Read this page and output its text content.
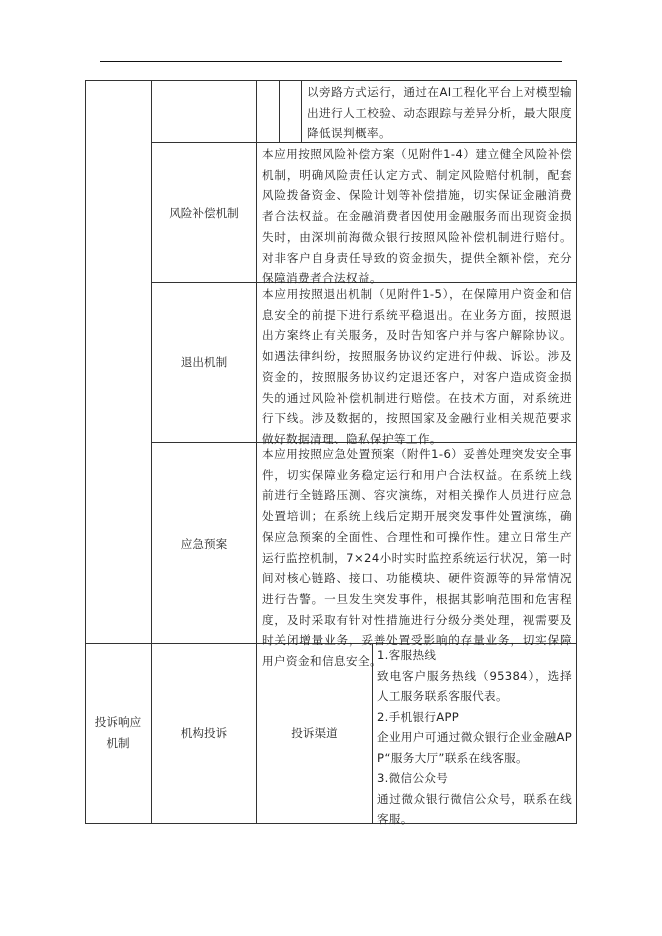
以旁路方式运行，通过在AI工程化平台上对模型输出进行人工校验、动态跟踪与差异分析，最大限度降低误判概率。
风险补偿机制
本应用按照风险补偿方案（见附件1-4）建立健全风险补偿机制，明确风险责任认定方式、制定风险赔付机制，配套风险拨备资金、保险计划等补偿措施，切实保证金融消费者合法权益。在金融消费者因使用金融服务而出现资金损失时，由深圳前海微众银行按照风险补偿机制进行赔付。对非客户自身责任导致的资金损失，提供全额补偿，充分保障消费者合法权益。
退出机制
本应用按照退出机制（见附件1-5），在保障用户资金和信息安全的前提下进行系统平稳退出。在业务方面，按照退出方案终止有关服务，及时告知客户并与客户解除协议。如遇法律纠纷，按照服务协议约定进行仲裁、诉讼。涉及资金的，按照服务协议约定退还客户，对客户造成资金损失的通过风险补偿机制进行赔偿。在技术方面，对系统进行下线。涉及数据的，按照国家及金融行业相关规范要求做好数据清理、隐私保护等工作。
应急预案
本应用按照应急处置预案（附件1-6）妥善处理突发安全事件，切实保障业务稳定运行和用户合法权益。在系统上线前进行全链路压测、容灾演练，对相关操作人员进行应急处置培训；在系统上线后定期开展突发事件处置演练，确保应急预案的全面性、合理性和可操作性。建立日常生产运行监控机制，7×24小时实时监控系统运行状况，第一时间对核心链路、接口、功能模块、硬件资源等的异常情况进行告警。一旦发生突发事件，根据其影响范围和危害程度，及时采取有针对性措施进行分级分类处理，视需要及时关闭增量业务，妥善处置受影响的存量业务，切实保障用户资金和信息安全。
投诉响应机制
机构投诉	投诉渠道
1.客服热线
致电客户服务热线（95384），选择人工服务联系客服代表。
2.手机银行APP
企业用户可通过微众银行企业金融APP“服务大厅”联系在线客服。
3.微信公众号
通过微众银行微信公众号，联系在线客服。
